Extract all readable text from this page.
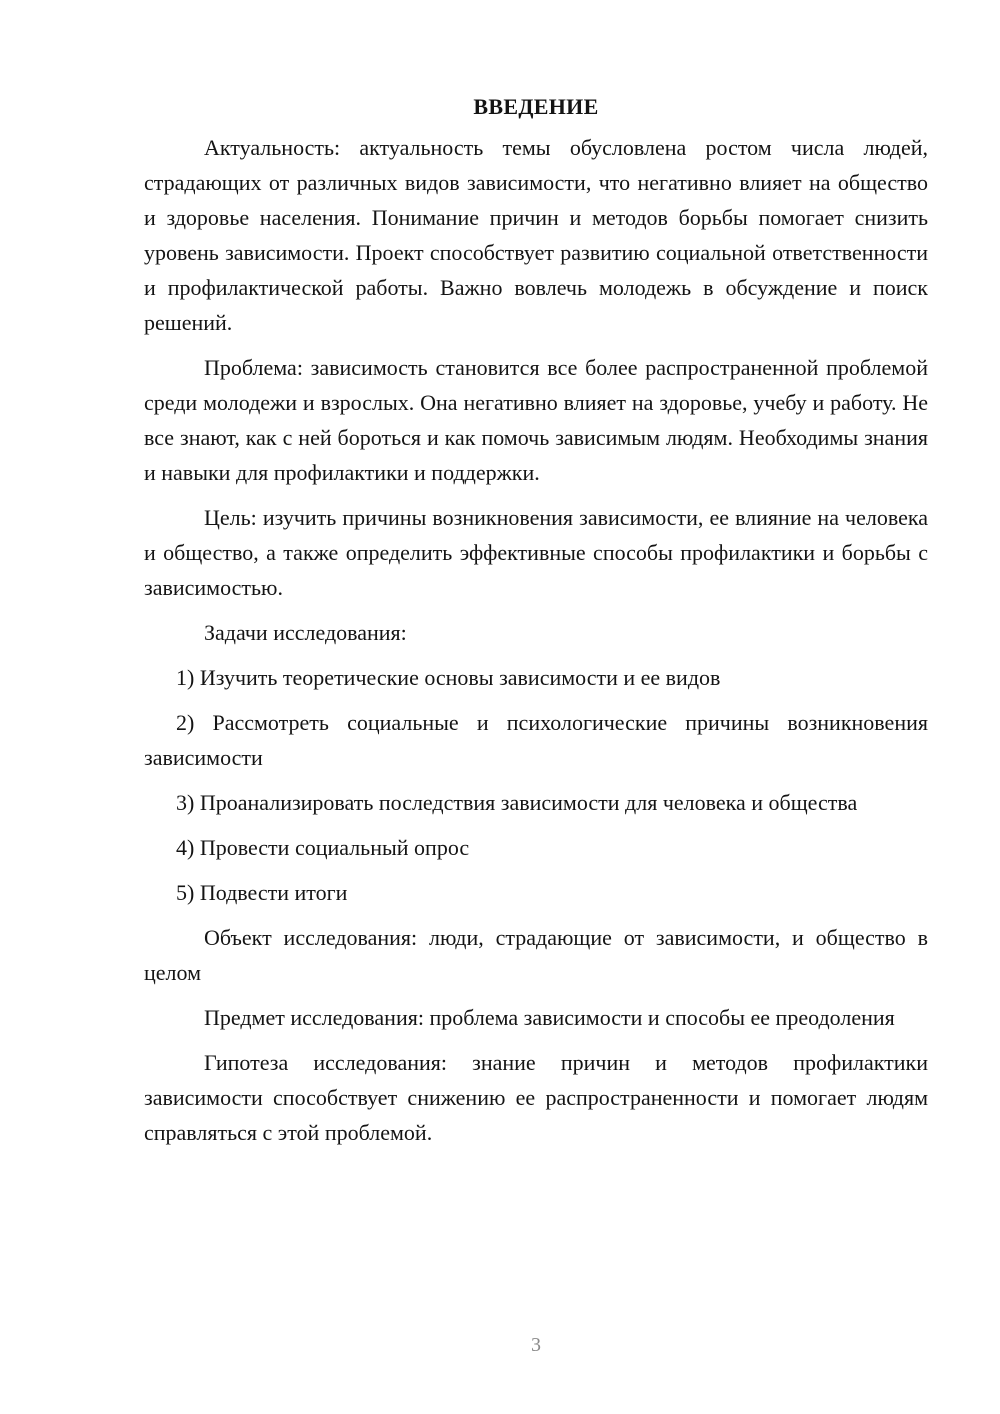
ВВЕДЕНИЕ

Актуальность: актуальность темы обусловлена ростом числа людей, страдающих от различных видов зависимости, что негативно влияет на общество и здоровье населения. Понимание причин и методов борьбы помогает снизить уровень зависимости. Проект способствует развитию социальной ответственности и профилактической работы. Важно вовлечь молодежь в обсуждение и поиск решений.

Проблема: зависимость становится все более распространенной проблемой среди молодежи и взрослых. Она негативно влияет на здоровье, учебу и работу. Не все знают, как с ней бороться и как помочь зависимым людям. Необходимы знания и навыки для профилактики и поддержки.

Цель: изучить причины возникновения зависимости, ее влияние на человека и общество, а также определить эффективные способы профилактики и борьбы с зависимостью.

Задачи исследования:

1) Изучить теоретические основы зависимости и ее видов

2) Рассмотреть социальные и психологические причины возникновения зависимости

3) Проанализировать последствия зависимости для человека и общества

4) Провести социальный опрос

5) Подвести итоги

Объект исследования: люди, страдающие от зависимости, и общество в целом

Предмет исследования: проблема зависимости и способы ее преодоления

Гипотеза исследования: знание причин и методов профилактики зависимости способствует снижению ее распространенности и помогает людям справляться с этой проблемой.

3
